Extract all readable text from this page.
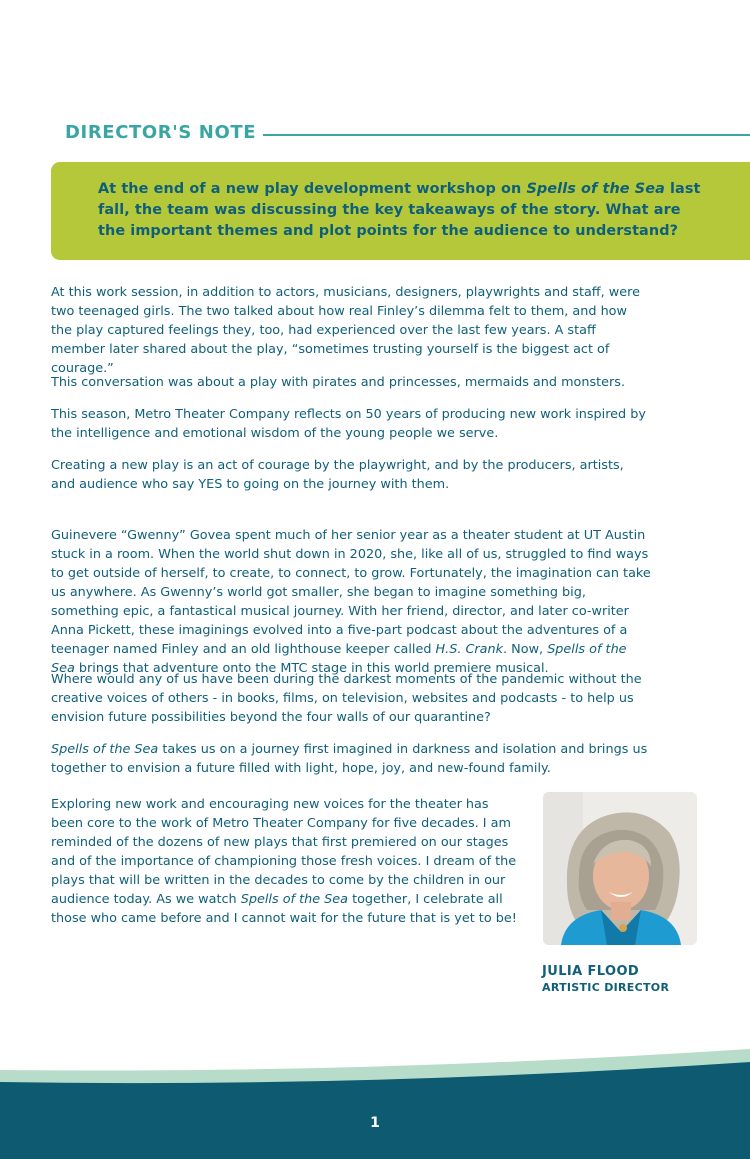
DIRECTOR'S NOTE
At the end of a new play development workshop on Spells of the Sea last fall, the team was discussing the key takeaways of the story. What are the important themes and plot points for the audience to understand?

At this work session, in addition to actors, musicians, designers, playwrights and staff, were two teenaged girls. The two talked about how real Finley’s dilemma felt to them, and how the play captured feelings they, too, had experienced over the last few years. A staff member later shared about the play, “sometimes trusting yourself is the biggest act of courage.”

This conversation was about a play with pirates and princesses, mermaids and monsters.

This season, Metro Theater Company reflects on 50 years of producing new work inspired by the intelligence and emotional wisdom of the young people we serve.

Creating a new play is an act of courage by the playwright, and by the producers, artists, and audience who say YES to going on the journey with them.

Guinevere “Gwenny” Govea spent much of her senior year as a theater student at UT Austin stuck in a room. When the world shut down in 2020, she, like all of us, struggled to find ways to get outside of herself, to create, to connect, to grow. Fortunately, the imagination can take us anywhere. As Gwenny’s world got smaller, she began to imagine something big, something epic, a fantastical musical journey. With her friend, director, and later co-writer Anna Pickett, these imaginings evolved into a five-part podcast about the adventures of a teenager named Finley and an old lighthouse keeper called H.S. Crank. Now, Spells of the Sea brings that adventure onto the MTC stage in this world premiere musical.

Where would any of us have been during the darkest moments of the pandemic without the creative voices of others - in books, films, on television, websites and podcasts - to help us envision future possibilities beyond the four walls of our quarantine?

Spells of the Sea takes us on a journey first imagined in darkness and isolation and brings us together to envision a future filled with light, hope, joy, and new-found family.

Exploring new work and encouraging new voices for the theater has been core to the work of Metro Theater Company for five decades. I am reminded of the dozens of new plays that first premiered on our stages and of the importance of championing those fresh voices. I dream of the plays that will be written in the decades to come by the children in our audience today. As we watch Spells of the Sea together, I celebrate all those who came before and I cannot wait for the future that is yet to be!

JULIA FLOOD
ARTISTIC DIRECTOR
1
